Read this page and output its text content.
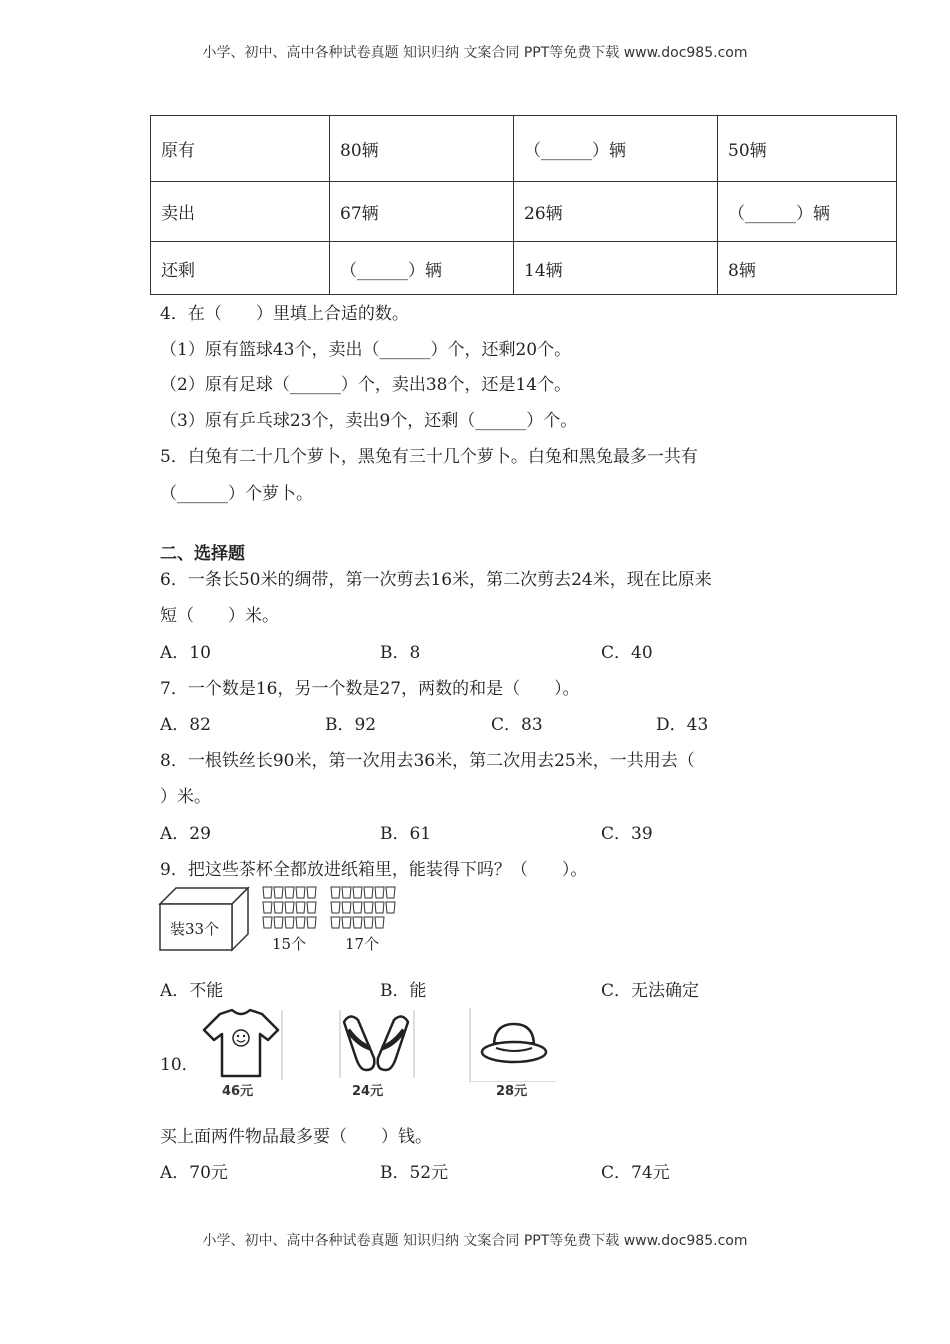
小学、初中、高中各种试卷真题 知识归纳 文案合同 PPT等免费下载 www.doc985.com
原有	80辆	（______）辆	50辆
卖出	67辆	26辆	（______）辆
还剩	（______）辆	14辆	8辆
4．在（　　）里填上合适的数。
（1）原有篮球43个，卖出（______）个，还剩20个。
（2）原有足球（______）个，卖出38个，还是14个。
（3）原有乒乓球23个，卖出9个，还剩（______）个。
5．白兔有二十几个萝卜，黑兔有三十几个萝卜。白兔和黑兔最多一共有
（______）个萝卜。
二、选择题
6．一条长50米的绸带，第一次剪去16米，第二次剪去24米，现在比原来
短（　　）米。
A．10	B．8	C．40
7．一个数是16，另一个数是27，两数的和是（　　）。
A．82	B．92	C．83	D．43
8．一根铁丝长90米，第一次用去36米，第二次用去25米，一共用去（
）米。
A．29	B．61	C．39
9．把这些茶杯全都放进纸箱里，能装得下吗？（　　）。
装33个
15个	17个
A．不能	B．能	C．无法确定
10．
46元	24元	28元
买上面两件物品最多要（　　）钱。
A．70元	B．52元	C．74元
小学、初中、高中各种试卷真题 知识归纳 文案合同 PPT等免费下载 www.doc985.com
